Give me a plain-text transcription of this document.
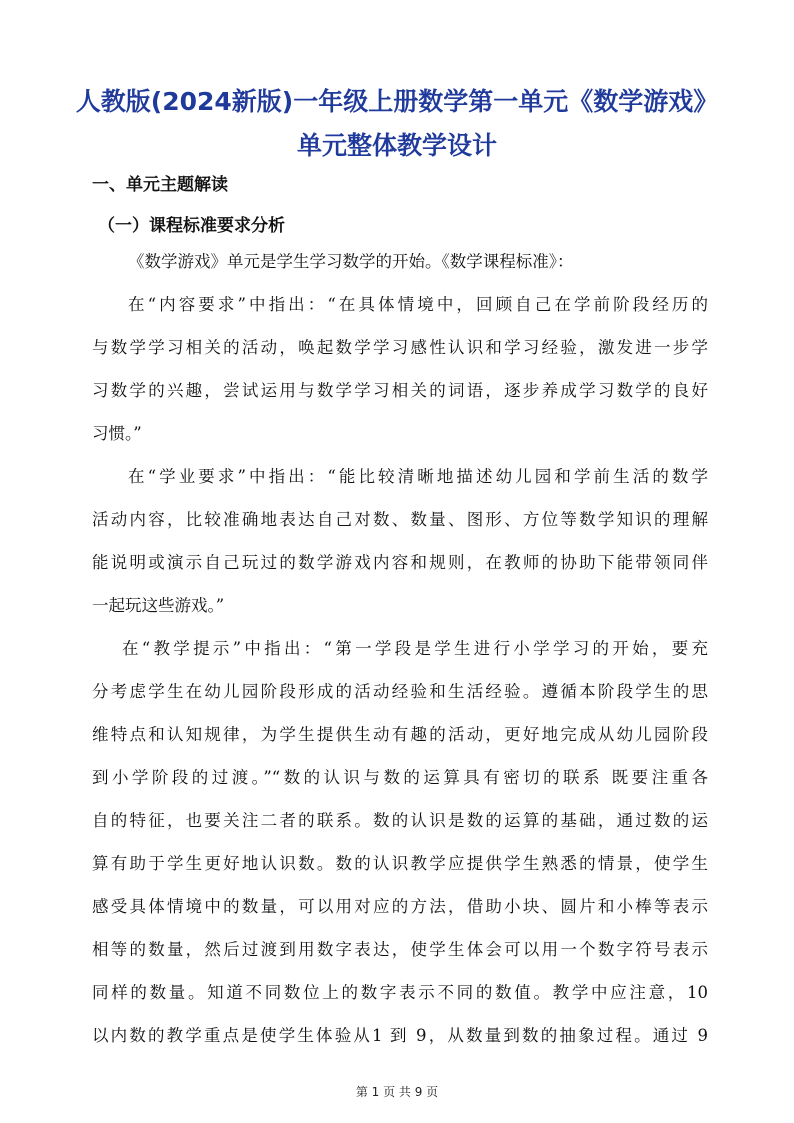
人教版(2024新版)一年级上册数学第一单元《数学游戏》
单元整体教学设计
一、单元主题解读
（一）课程标准要求分析
《数学游戏》单元是学生学习数学的开始。《数学课程标准》：
在“内容要求”中指出：“在具体情境中，回顾自己在学前阶段经历的
与数学学习相关的活动，唤起数学学习感性认识和学习经验，激发进一步学
习数学的兴趣，尝试运用与数学学习相关的词语，逐步养成学习数学的良好
习惯。”
在“学业要求”中指出：“能比较清晰地描述幼儿园和学前生活的数学
活动内容，比较准确地表达自己对数、数量、图形、方位等数学知识的理解
能说明或演示自己玩过的数学游戏内容和规则，在教师的协助下能带领同伴
一起玩这些游戏。”
在“教学提示”中指出：“第一学段是学生进行小学学习的开始，要充
分考虑学生在幼儿园阶段形成的活动经验和生活经验。遵循本阶段学生的思
维特点和认知规律，为学生提供生动有趣的活动，更好地完成从幼儿园阶段
到小学阶段的过渡。”“数的认识与数的运算具有密切的联系 既要注重各
自的特征，也要关注二者的联系。数的认识是数的运算的基础，通过数的运
算有助于学生更好地认识数。数的认识教学应提供学生熟悉的情景，使学生
感受具体情境中的数量，可以用对应的方法，借助小块、圆片和小棒等表示
相等的数量，然后过渡到用数字表达，使学生体会可以用一个数字符号表示
同样的数量。知道不同数位上的数字表示不同的数值。教学中应注意，10
以内数的教学重点是使学生体验从1 到 9，从数量到数的抽象过程。通过 9
第 1 页 共 9 页
